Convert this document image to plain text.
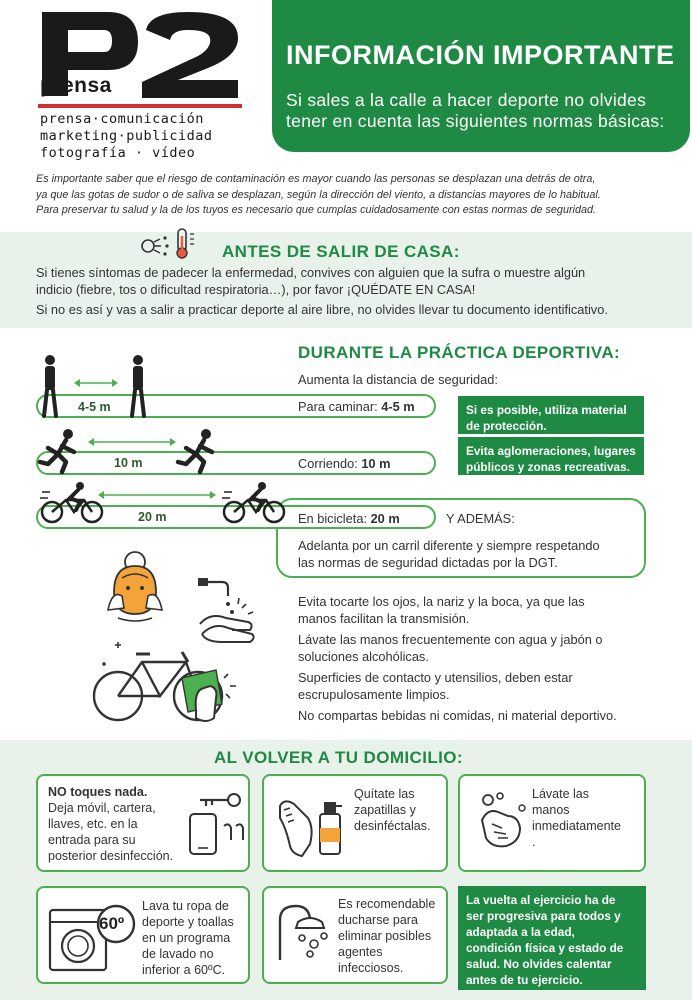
prensa
prensa·comunicación
marketing·publicidad
fotografía · vídeo
INFORMACIÓN IMPORTANTE

Si sales a la calle a hacer deporte no olvides
tener en cuenta las siguientes normas básicas:

Es importante saber que el riesgo de contaminación es mayor cuando las personas se desplazan una detrás de otra,
ya que las gotas de sudor o de saliva se desplazan, según la dirección del viento, a distancias mayores de lo habitual.
Para preservar tu salud y la de los tuyos es necesario que cumplas cuidadosamente con estas normas de seguridad.
ANTES DE SALIR DE CASA:
Si tienes síntomas de padecer la enfermedad, convives con alguien que la sufra o muestre algún
indicio (fiebre, tos o dificultad respiratoria…), por favor ¡QUÉDATE EN CASA!
Si no es así y vas a salir a practicar deporte al aire libre, no olvides llevar tu documento identificativo.
DURANTE LA PRÁCTICA DEPORTIVA:
Aumenta la distancia de seguridad:
4-5 m	Para caminar: 4-5 m
10 m	Corriendo: 10 m
Si es posible, utiliza material de protección.
Evita aglomeraciones, lugares públicos y zonas recreativas.
20 m	En bicicleta: 20 m	Y ADEMÁS:
Adelanta por un carril diferente y siempre respetando
las normas de seguridad dictadas por la DGT.
Evita tocarte los ojos, la nariz y la boca, ya que las
manos facilitan la transmisión.
Lávate las manos frecuentemente con agua y jabón o
soluciones alcohólicas.
Superficies de contacto y utensilios, deben estar
escrupulosamente limpios.
No compartas bebidas ni comidas, ni material deportivo.
AL VOLVER A TU DOMICILIO:
NO toques nada.
Deja móvil, cartera,
llaves, etc. en la
entrada para su
posterior desinfección.
Quítate las
zapatillas y
desinféctalas.
Lávate las
manos
inmediatamente
.
60º
Lava tu ropa de
deporte y toallas
en un programa
de lavado no
inferior a 60ºC.
Es recomendable
ducharse para
eliminar posibles
agentes
infecciosos.
La vuelta al ejercicio ha de
ser progresiva para todos y
adaptada a la edad,
condición física y estado de
salud. No olvides calentar
antes de tu ejercicio.
